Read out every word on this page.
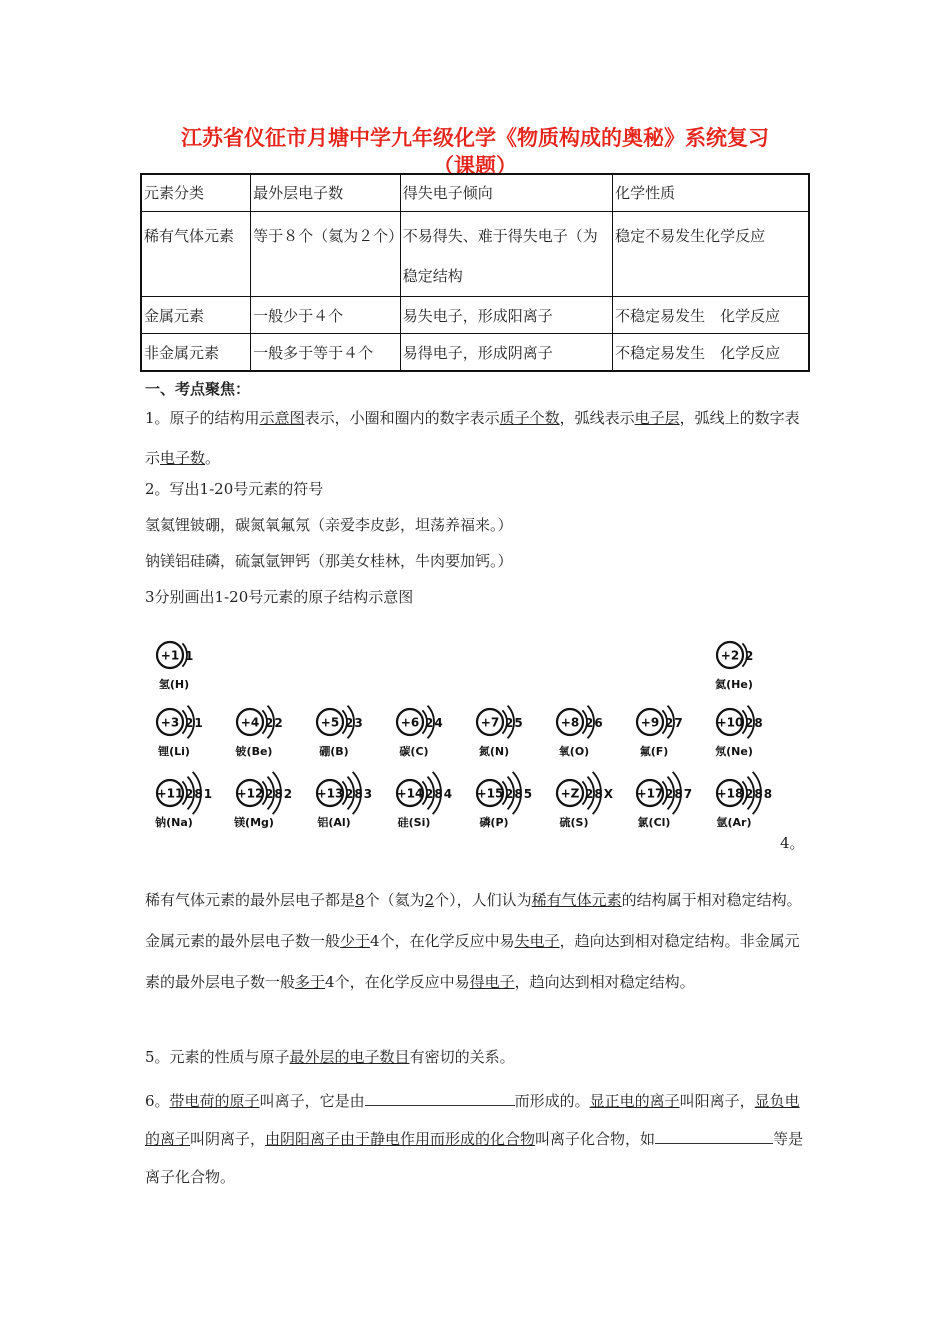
江苏省仪征市月塘中学九年级化学《物质构成的奥秘》系统复习
（课题）
元素分类	最外层电子数	得失电子倾向	化学性质
稀有气体元素	等于８个（氦为２个）	不易得失、难于得失电子（为稳定结构	稳定不易发生化学反应
金属元素	一般少于４个	易失电子，形成阳离子	不稳定易发生　化学反应
非金属元素	一般多于等于４个	易得电子，形成阴离子	不稳定易发生　化学反应
一、考点聚焦：
1。原子的结构用示意图表示，小圈和圈内的数字表示质子个数，弧线表示电子层，弧线上的数字表示电子数。
2。写出1-20号元素的符号
氢氦锂铍硼，碳氮氧氟氖（亲爱李皮彭，坦荡养福来。）
钠镁铝硅磷，硫氯氩钾钙（那美女桂林，牛肉要加钙。）
3分别画出1-20号元素的原子结构示意图
+1 1
氢(H)
+2 2
氦(He)
+3 21
锂(Li)
+4 22
铍(Be)
+5 23
硼(B)
+6 24
碳(C)
+7 25
氮(N)
+8 26
氧(O)
+9 27
氟(F)
+10 28
氖(Ne)
+11 281
钠(Na)
+12 282
镁(Mg)
+13 283
铝(Al)
+14 284
硅(Si)
+15 285
磷(P)
+Z 28X
硫(S)
+17 287
氯(Cl)
+18 288
氩(Ar)
4。
稀有气体元素的最外层电子都是8个（氦为2个），人们认为稀有气体元素的结构属于相对稳定结构。金属元素的最外层电子数一般少于4个，在化学反应中易失电子，趋向达到相对稳定结构。非金属元素的最外层电子数一般多于4个，在化学反应中易得电子，趋向达到相对稳定结构。
5。元素的性质与原子最外层的电子数目有密切的关系。
6。带电荷的原子叫离子，它是由	而形成的。显正电的离子叫阳离子，显负电的离子叫阴离子，由阴阳离子由于静电作用而形成的化合物叫离子化合物，如	等是离子化合物。
